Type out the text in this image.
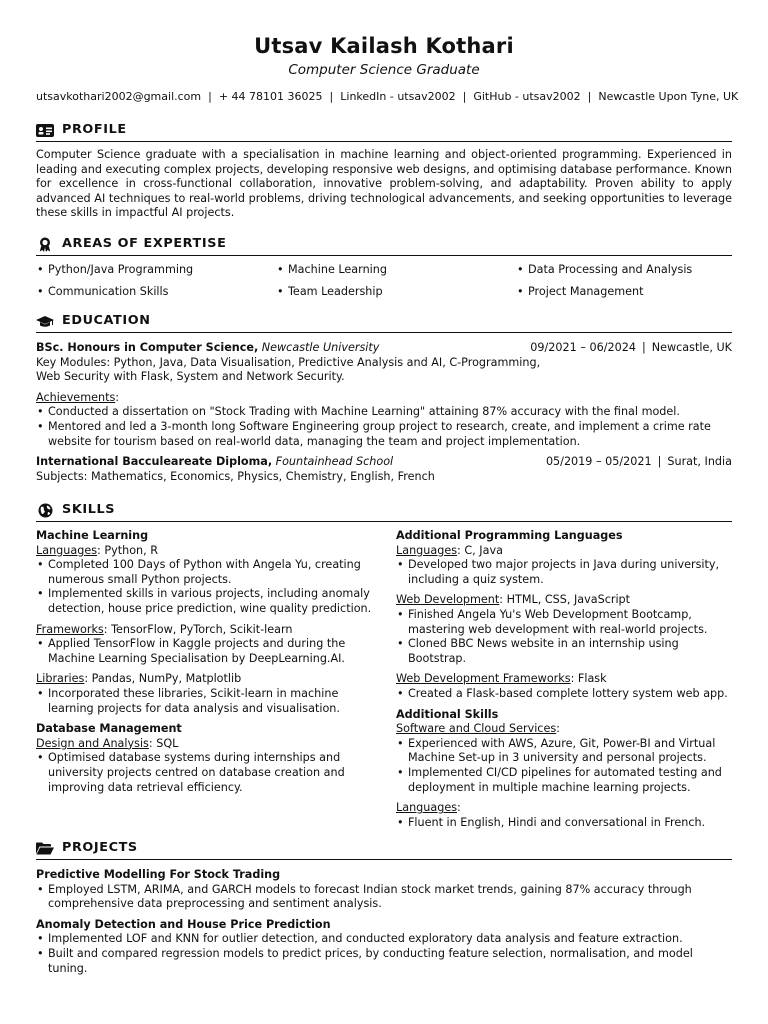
Utsav Kailash Kothari
Computer Science Graduate
utsavkothari2002@gmail.com | + 44 78101 36025 | LinkedIn - utsav2002 | GitHub - utsav2002 | Newcastle Upon Tyne, UK
PROFILE

Computer Science graduate with a specialisation in machine learning and object-oriented programming. Experienced in leading and executing complex projects, developing responsive web designs, and optimising database performance. Known for excellence in cross-functional collaboration, innovative problem-solving, and adaptability. Proven ability to apply advanced AI techniques to real-world problems, driving technological advancements, and seeking opportunities to leverage these skills in impactful AI projects.

AREAS OF EXPERTISE
• Python/Java Programming	• Machine Learning	• Data Processing and Analysis
• Communication Skills	• Team Leadership	• Project Management
EDUCATION
BSc. Honours in Computer Science, Newcastle University	09/2021 – 06/2024 | Newcastle, UK
Key Modules: Python, Java, Data Visualisation, Predictive Analysis and AI, C-Programming,
Web Security with Flask, System and Network Security.
Achievements:
• Conducted a dissertation on "Stock Trading with Machine Learning" attaining 87% accuracy with the final model.
• Mentored and led a 3-month long Software Engineering group project to research, create, and implement a crime rate website for tourism based on real-world data, managing the team and project implementation.
International Bacculeareate Diploma, Fountainhead School	05/2019 – 05/2021 | Surat, India
Subjects: Mathematics, Economics, Physics, Chemistry, English, French
SKILLS
Machine Learning
Languages: Python, R
• Completed 100 Days of Python with Angela Yu, creating numerous small Python projects.
• Implemented skills in various projects, including anomaly detection, house price prediction, wine quality prediction.
Frameworks: TensorFlow, PyTorch, Scikit-learn
• Applied TensorFlow in Kaggle projects and during the Machine Learning Specialisation by DeepLearning.AI.
Libraries: Pandas, NumPy, Matplotlib
• Incorporated these libraries, Scikit-learn in machine learning projects for data analysis and visualisation.
Database Management
Design and Analysis: SQL
• Optimised database systems during internships and university projects centred on database creation and improving data retrieval efficiency.
Additional Programming Languages
Languages: C, Java
• Developed two major projects in Java during university, including a quiz system.
Web Development: HTML, CSS, JavaScript
• Finished Angela Yu's Web Development Bootcamp, mastering web development with real-world projects.
• Cloned BBC News website in an internship using Bootstrap.
Web Development Frameworks: Flask
• Created a Flask-based complete lottery system web app.
Additional Skills
Software and Cloud Services:
• Experienced with AWS, Azure, Git, Power-BI and Virtual Machine Set-up in 3 university and personal projects.
• Implemented CI/CD pipelines for automated testing and deployment in multiple machine learning projects.
Languages:
• Fluent in English, Hindi and conversational in French.
PROJECTS
Predictive Modelling For Stock Trading
• Employed LSTM, ARIMA, and GARCH models to forecast Indian stock market trends, gaining 87% accuracy through comprehensive data preprocessing and sentiment analysis.
Anomaly Detection and House Price Prediction
• Implemented LOF and KNN for outlier detection, and conducted exploratory data analysis and feature extraction.
• Built and compared regression models to predict prices, by conducting feature selection, normalisation, and model tuning.
